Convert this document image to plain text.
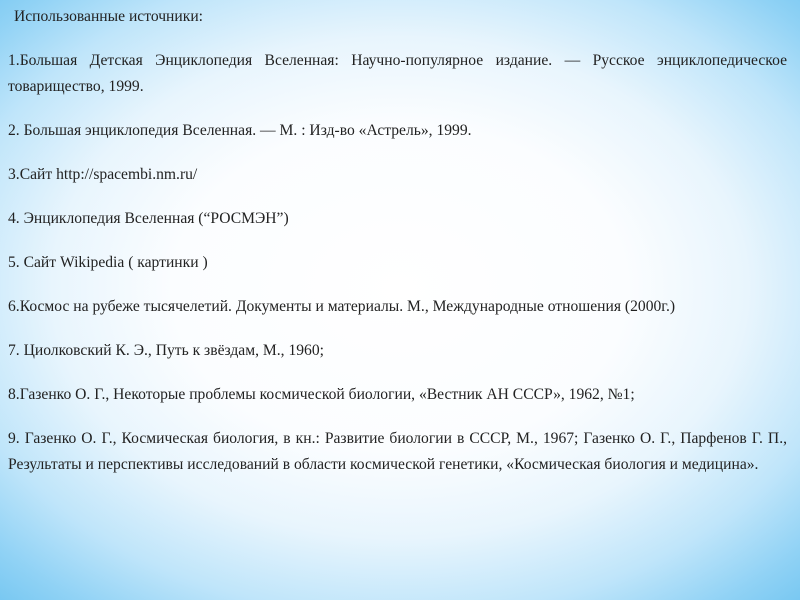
Использованные источники:
1.Большая Детская Энциклопедия Вселенная: Научно-популярное издание. — Русское энциклопедическое товарищество, 1999.
2. Большая энциклопедия Вселенная. — М. : Изд-во «Астрель», 1999.
3.Сайт http://spacembi.nm.ru/
4. Энциклопедия Вселенная (“РОСМЭН”)
5. Сайт Wikipedia ( картинки )
6.Космос на рубеже тысячелетий. Документы и материалы. М., Международные отношения (2000г.)
7. Циолковский К. Э., Путь к звёздам, М., 1960;
8.Газенко О. Г., Некоторые проблемы космической биологии, «Вестник АН СССР», 1962, №1;
9. Газенко О. Г., Космическая биология, в кн.: Развитие биологии в СССР, М., 1967; Газенко О. Г., Парфенов Г. П., Результаты и перспективы исследований в области космической генетики, «Космическая биология и медицина».
